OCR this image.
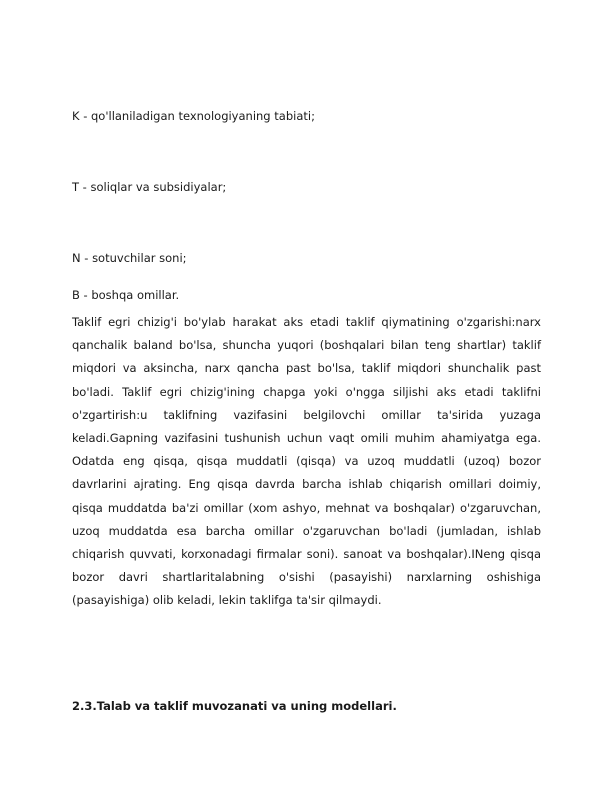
K - qo'llaniladigan texnologiyaning tabiati;
T - soliqlar va subsidiyalar;
N - sotuvchilar soni;
B - boshqa omillar.
Taklif egri chizig'i bo'ylab harakat aks etadi taklif qiymatining o'zgarishi:narx qanchalik baland bo'lsa, shuncha yuqori (boshqalari bilan teng shartlar) taklif miqdori va aksincha, narx qancha past bo'lsa, taklif miqdori shunchalik past bo'ladi. Taklif egri chizig'ining chapga yoki o'ngga siljishi aks etadi taklifni o'zgartirish:u taklifning vazifasini belgilovchi omillar ta'sirida yuzaga keladi.Gapning vazifasini tushunish uchun vaqt omili muhim ahamiyatga ega. Odatda eng qisqa, qisqa muddatli (qisqa) va uzoq muddatli (uzoq) bozor davrlarini ajrating. Eng qisqa davrda barcha ishlab chiqarish omillari doimiy, qisqa muddatda ba'zi omillar (xom ashyo, mehnat va boshqalar) o'zgaruvchan, uzoq muddatda esa barcha omillar o'zgaruvchan bo'ladi (jumladan, ishlab chiqarish quvvati, korxonadagi firmalar soni). sanoat va boshqalar).INeng qisqa bozor davri shartlaritalabning o'sishi (pasayishi) narxlarning oshishiga (pasayishiga) olib keladi, lekin taklifga ta'sir qilmaydi.
2.3.Talab va taklif muvozanati va uning modellari.
